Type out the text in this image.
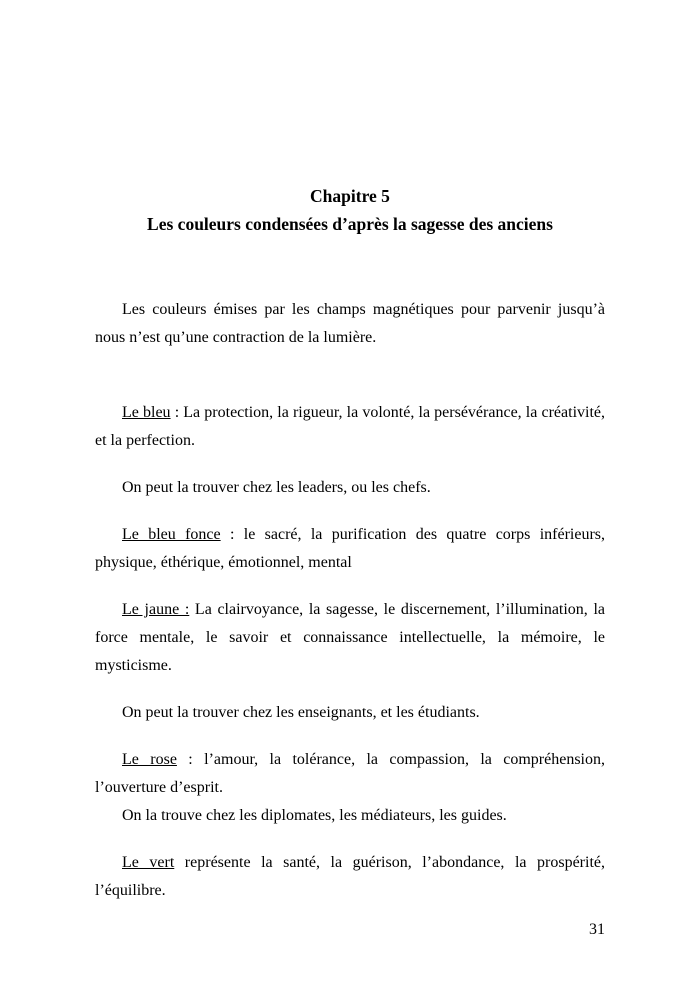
Chapitre 5
Les couleurs condensées d’après la sagesse des anciens

Les couleurs émises par les champs magnétiques pour parvenir jusqu’à nous n’est qu’une contraction de la lumière.

Le bleu : La protection, la rigueur, la volonté, la persévérance, la créativité, et la perfection.

On peut la trouver chez les leaders, ou les chefs.

Le bleu fonce : le sacré, la purification des quatre corps inférieurs, physique, éthérique, émotionnel, mental

Le jaune : La clairvoyance, la sagesse, le discernement, l’illumination, la force mentale, le savoir et connaissance intellectuelle, la mémoire, le mysticisme.

On peut la trouver chez les enseignants, et les étudiants.

Le rose : l’amour, la tolérance, la compassion, la compréhension, l’ouverture d’esprit.

On la trouve chez les diplomates, les médiateurs, les guides.

Le vert représente la santé, la guérison, l’abondance, la prospérité, l’équilibre.

31
